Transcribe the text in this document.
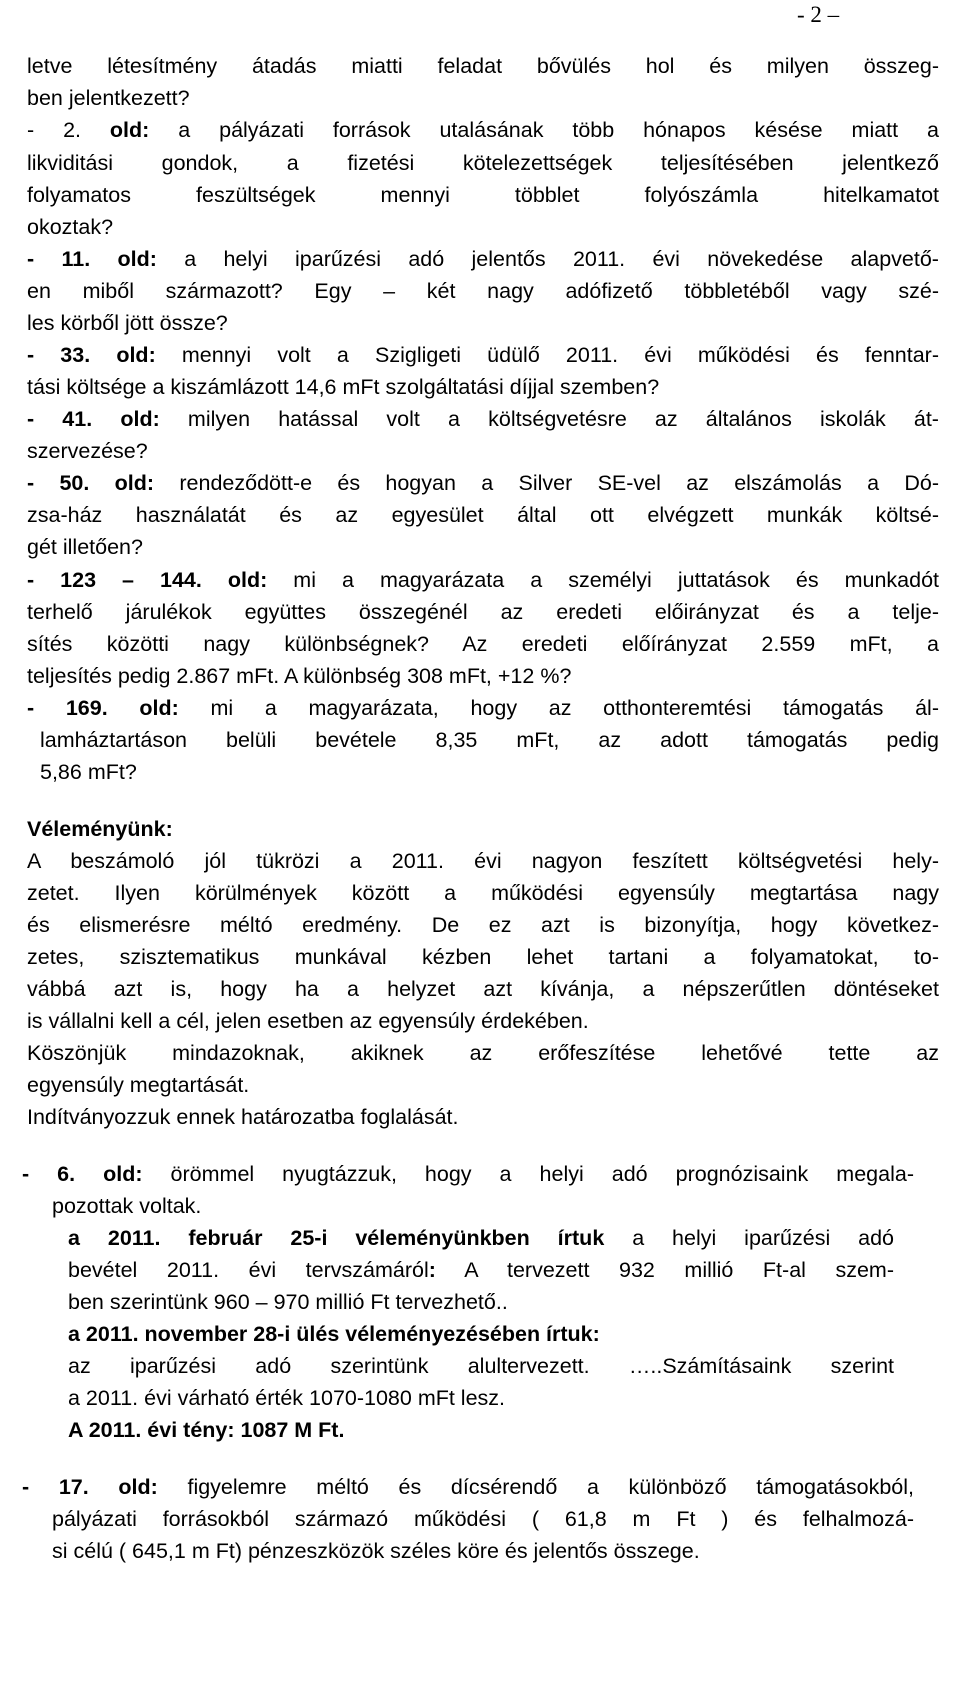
- 2 –
letve létesítmény átadás miatti feladat bővülés hol és milyen összeg-
ben jelentkezett?
- 2. old: a pályázati források utalásának több hónapos késése miatt a
likviditási gondok, a fizetési kötelezettségek teljesítésében jelentkező
folyamatos feszültségek mennyi többlet folyószámla hitelkamatot
okoztak?
- 11. old: a helyi iparűzési adó jelentős 2011. évi növekedése alapvető-
en miből származott? Egy – két nagy adófizető többletéből vagy szé-
les körből jött össze?
- 33. old: mennyi volt a Szigligeti üdülő 2011. évi működési és fenntar-
tási költsége a kiszámlázott 14,6 mFt szolgáltatási díjjal szemben?
- 41. old: milyen hatással volt a költségvetésre az általános iskolák át-
szervezése?
- 50. old: rendeződött-e és hogyan a Silver SE-vel az elszámolás a Dó-
zsa-ház használatát és az egyesület által ott elvégzett munkák költsé-
gét illetően?
- 123 – 144. old: mi a magyarázata a személyi juttatások és munkadót
terhelő járulékok együttes összegénél az eredeti előirányzat és a telje-
sítés közötti nagy különbségnek? Az eredeti előírányzat 2.559 mFt, a
teljesítés pedig 2.867 mFt. A különbség 308 mFt, +12 %?
- 169. old: mi a magyarázata, hogy az otthonteremtési támogatás ál-
lamháztartáson belüli bevétele 8,35 mFt, az adott támogatás pedig
5,86 mFt?
Véleményünk:
A beszámoló jól tükrözi a 2011. évi nagyon feszített költségvetési hely-
zetet. Ilyen körülmények között a működési egyensúly megtartása nagy
és elismerésre méltó eredmény. De ez azt is bizonyítja, hogy következ-
zetes, szisztematikus munkával kézben lehet tartani a folyamatokat, to-
vábbá azt is, hogy ha a helyzet azt kívánja, a népszerűtlen döntéseket
is vállalni kell a cél, jelen esetben az egyensúly érdekében.
Köszönjük mindazoknak, akiknek az erőfeszítése lehetővé tette az
egyensúly megtartását.
Indítványozzuk ennek határozatba foglalását.
- 6. old: örömmel nyugtázzuk, hogy a helyi adó prognózisaink megala-
pozottak voltak.
a 2011. február 25-i véleményünkben írtuk a helyi iparűzési adó
bevétel 2011. évi tervszámáról: A tervezett 932 millió Ft-al szem-
ben szerintünk 960 – 970 millió Ft tervezhető..
a 2011. november 28-i ülés véleményezésében írtuk:
az iparűzési adó szerintünk alultervezett. …..Számításaink szerint
a 2011. évi várható érték 1070-1080 mFt lesz.
A 2011. évi tény: 1087 M Ft.
- 17. old: figyelemre méltó és dícsérendő a különböző támogatásokból,
pályázati forrásokból származó működési ( 61,8 m Ft ) és felhalmozá-
si célú ( 645,1 m Ft) pénzeszközök széles köre és jelentős összege.
